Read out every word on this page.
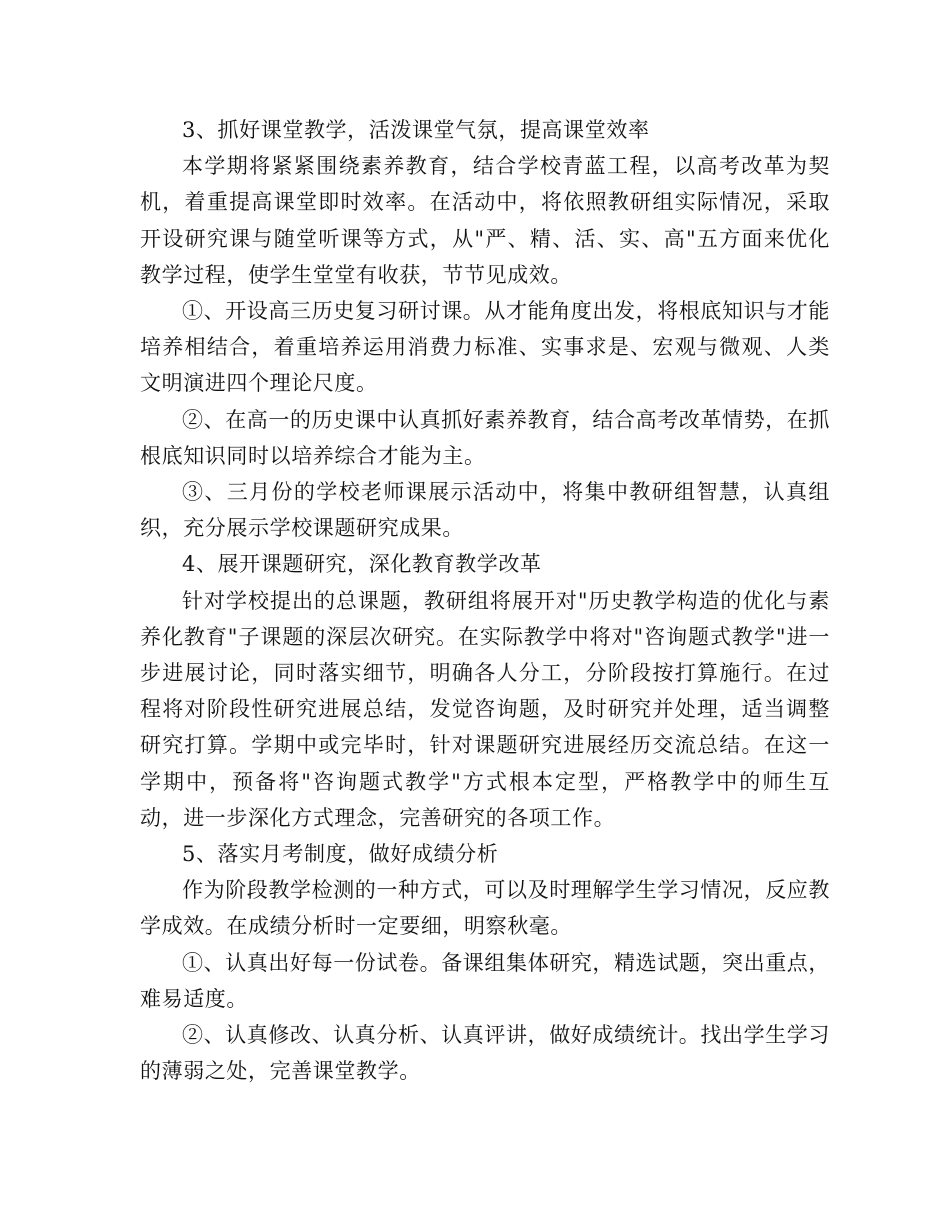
3、抓好课堂教学，活泼课堂气氛，提高课堂效率

本学期将紧紧围绕素养教育，结合学校青蓝工程，以高考改革为契机，着重提高课堂即时效率。在活动中，将依照教研组实际情况，采取开设研究课与随堂听课等方式，从"严、精、活、实、高"五方面来优化教学过程，使学生堂堂有收获，节节见成效。

①、开设高三历史复习研讨课。从才能角度出发，将根底知识与才能培养相结合，着重培养运用消费力标准、实事求是、宏观与微观、人类文明演进四个理论尺度。

②、在高一的历史课中认真抓好素养教育，结合高考改革情势，在抓根底知识同时以培养综合才能为主。

③、三月份的学校老师课展示活动中，将集中教研组智慧，认真组织，充分展示学校课题研究成果。

4、展开课题研究，深化教育教学改革

针对学校提出的总课题，教研组将展开对"历史教学构造的优化与素养化教育"子课题的深层次研究。在实际教学中将对"咨询题式教学"进一步进展讨论，同时落实细节，明确各人分工，分阶段按打算施行。在过程将对阶段性研究进展总结，发觉咨询题，及时研究并处理，适当调整研究打算。学期中或完毕时，针对课题研究进展经历交流总结。在这一学期中，预备将"咨询题式教学"方式根本定型，严格教学中的师生互动，进一步深化方式理念，完善研究的各项工作。

5、落实月考制度，做好成绩分析

作为阶段教学检测的一种方式，可以及时理解学生学习情况，反应教学成效。在成绩分析时一定要细，明察秋毫。

①、认真出好每一份试卷。备课组集体研究，精选试题，突出重点，难易适度。

②、认真修改、认真分析、认真评讲，做好成绩统计。找出学生学习的薄弱之处，完善课堂教学。
